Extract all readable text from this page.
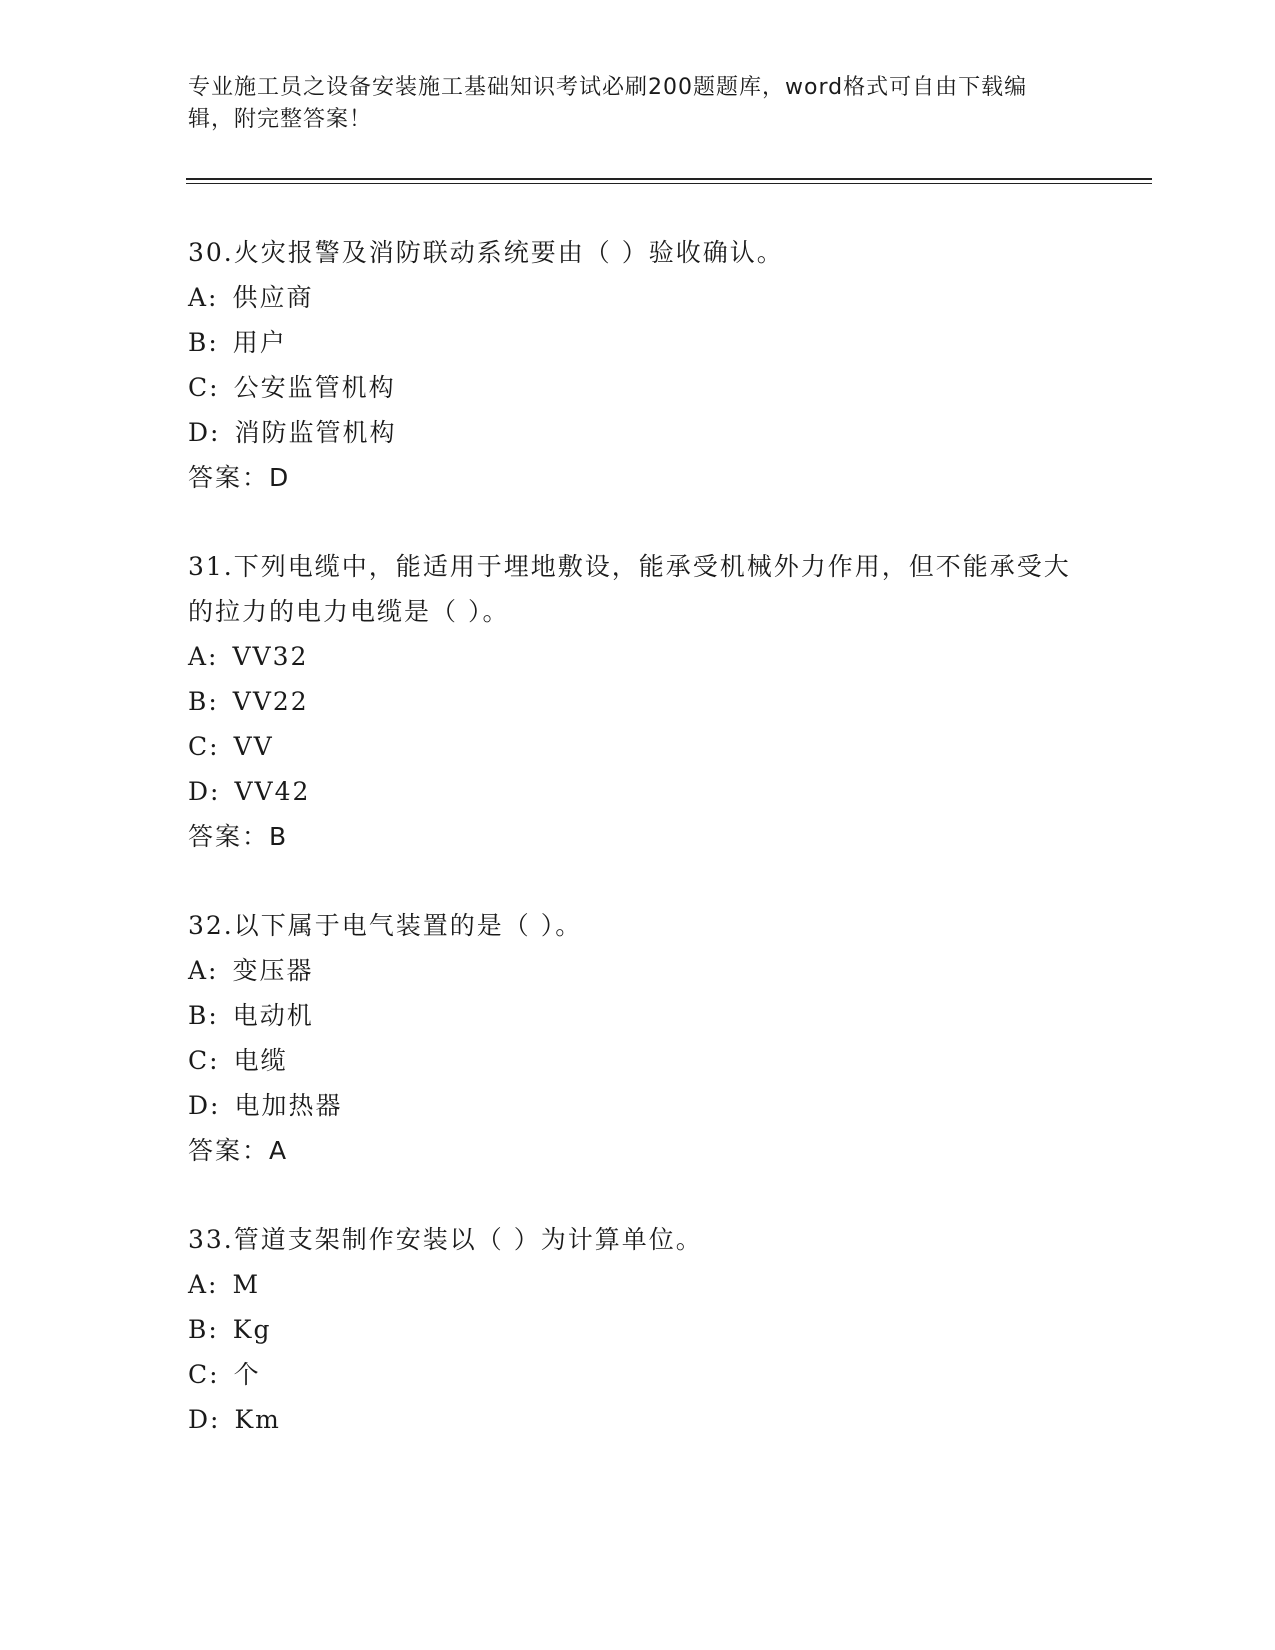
专业施工员之设备安装施工基础知识考试必刷200题题库，word格式可自由下载编辑，附完整答案！

30.火灾报警及消防联动系统要由（ ）验收确认。

A: 供应商

B: 用户

C: 公安监管机构

D: 消防监管机构

答案：D

31.下列电缆中，能适用于埋地敷设，能承受机械外力作用，但不能承受大的拉力的电力电缆是（ ）。

A: VV32

B: VV22

C: VV

D: VV42

答案：B

32.以下属于电气装置的是（ ）。

A: 变压器

B: 电动机

C: 电缆

D: 电加热器

答案：A

33.管道支架制作安装以（ ）为计算单位。

A: M

B: Kg

C: 个

D: Km
